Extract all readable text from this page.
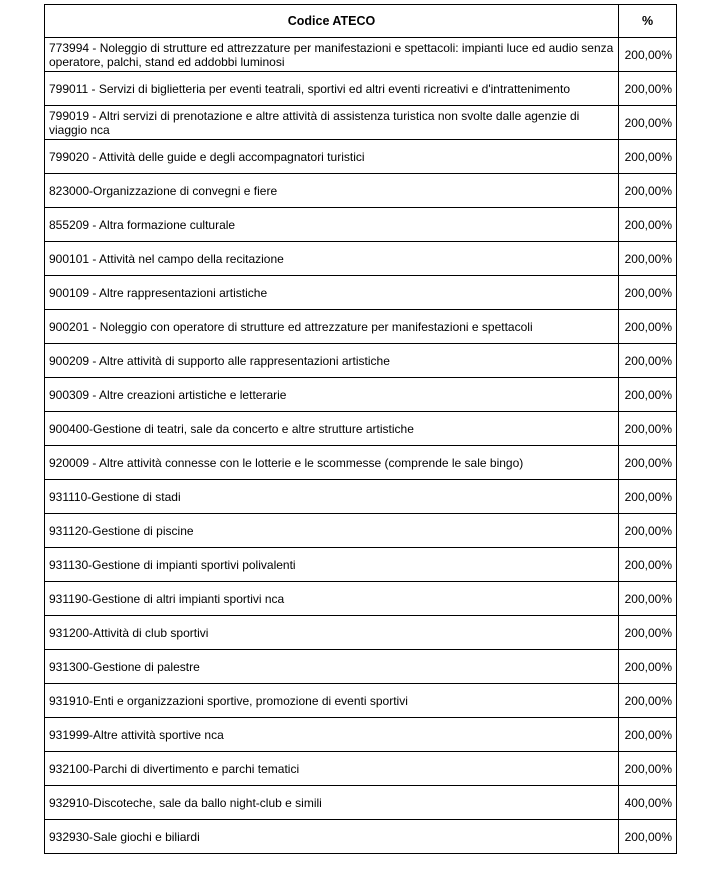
Codice ATECO	%
773994 - Noleggio di strutture ed attrezzature per manifestazioni e spettacoli: impianti luce ed audio senza operatore, palchi, stand ed addobbi luminosi	200,00%
799011 - Servizi di biglietteria per eventi teatrali, sportivi ed altri eventi ricreativi e d'intrattenimento	200,00%
799019 - Altri servizi di prenotazione e altre attività di assistenza turistica non svolte dalle agenzie di viaggio nca	200,00%
799020 - Attività delle guide e degli accompagnatori turistici	200,00%
823000-Organizzazione di convegni e fiere	200,00%
855209 - Altra formazione culturale	200,00%
900101 - Attività nel campo della recitazione	200,00%
900109 - Altre rappresentazioni artistiche	200,00%
900201 - Noleggio con operatore di strutture ed attrezzature per manifestazioni e spettacoli	200,00%
900209 - Altre attività di supporto alle rappresentazioni artistiche	200,00%
900309 - Altre creazioni artistiche e letterarie	200,00%
900400-Gestione di teatri, sale da concerto e altre strutture artistiche	200,00%
920009 - Altre attività connesse con le lotterie e le scommesse (comprende le sale bingo)	200,00%
931110-Gestione di stadi	200,00%
931120-Gestione di piscine	200,00%
931130-Gestione di impianti sportivi polivalenti	200,00%
931190-Gestione di altri impianti sportivi nca	200,00%
931200-Attività di club sportivi	200,00%
931300-Gestione di palestre	200,00%
931910-Enti e organizzazioni sportive, promozione di eventi sportivi	200,00%
931999-Altre attività sportive nca	200,00%
932100-Parchi di divertimento e parchi tematici	200,00%
932910-Discoteche, sale da ballo night-club e simili	400,00%
932930-Sale giochi e biliardi	200,00%
